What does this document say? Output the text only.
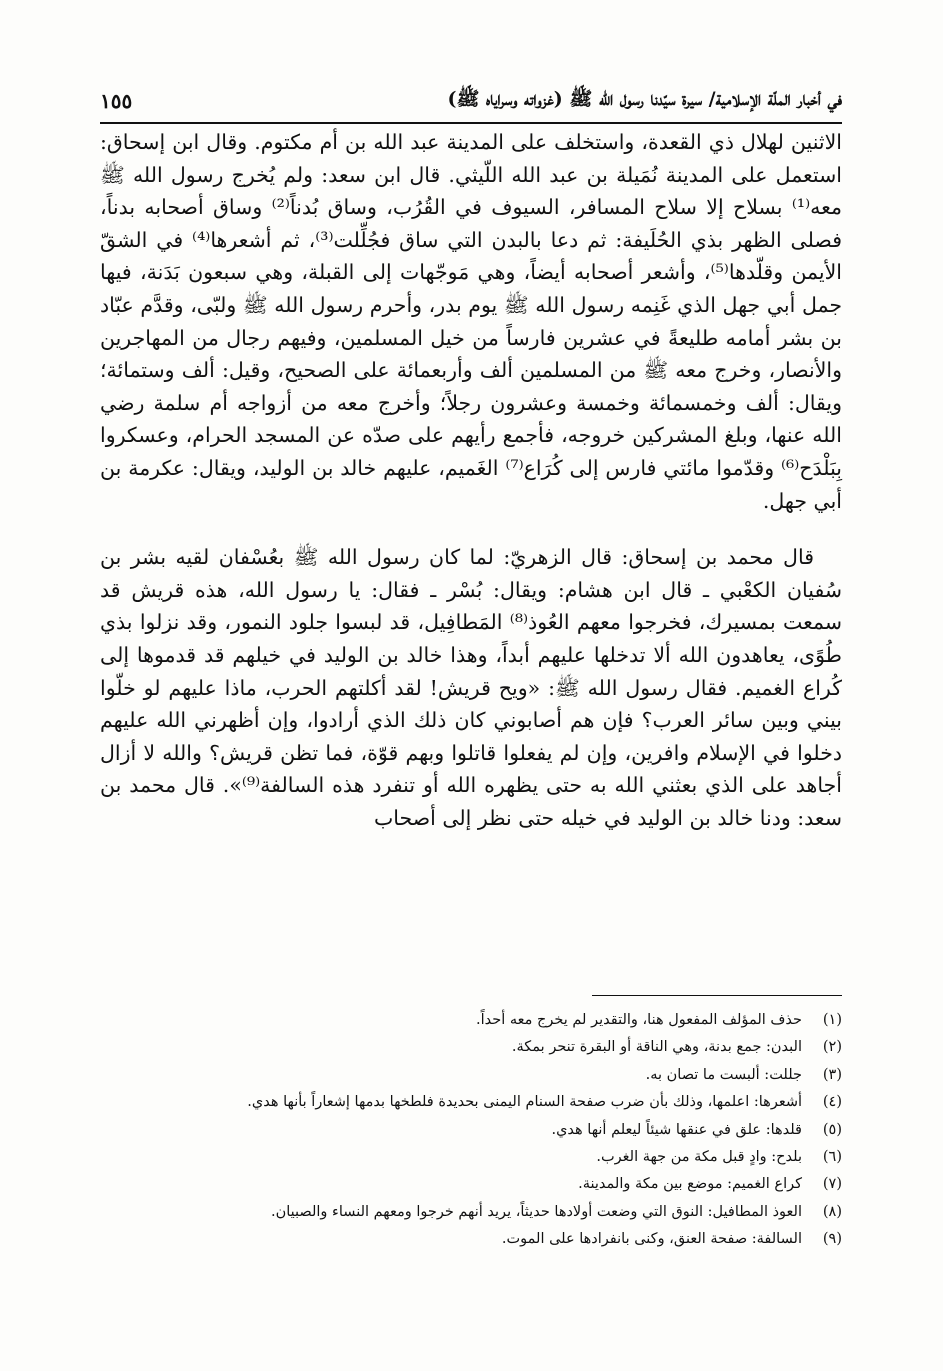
في أخبار الملّة الإسلامية/ سيرة سيّدنا رسول الله ﷺ (غزواته وسراياه ﷺ)
١٥٥

الاثنين لهلال ذي القعدة، واستخلف على المدينة عبد الله بن أم مكتوم. وقال ابن إسحاق: استعمل على المدينة نُمَيلة بن عبد الله اللّيثي. قال ابن سعد: ولم يُخرج رسول الله ﷺ معه⁽¹⁾ بسلاح إلا سلاح المسافر، السيوف في القُرُب، وساق بُدناً⁽²⁾ وساق أصحابه بدناً، فصلى الظهر بذي الحُلَيفة: ثم دعا بالبدن التي ساق فجُلِّلت⁽³⁾، ثم أشعرها⁽⁴⁾ في الشقّ الأيمن وقلّدها⁽⁵⁾، وأشعر أصحابه أيضاً، وهي مَوجّهات إلى القبلة، وهي سبعون بَدَنة، فيها جمل أبي جهل الذي غَنِمه رسول الله ﷺ يوم بدر، وأحرم رسول الله ﷺ ولبّى، وقدَّم عبّاد بن بشر أمامه طليعةً في عشرين فارساً من خيل المسلمين، وفيهم رجال من المهاجرين والأنصار، وخرج معه ﷺ من المسلمين ألف وأربعمائة على الصحيح، وقيل: ألف وستمائة؛ ويقال: ألف وخمسمائة وخمسة وعشرون رجلاً؛ وأخرج معه من أزواجه أم سلمة رضي الله عنها، وبلغ المشركين خروجه، فأجمع رأيهم على صدّه عن المسجد الحرام، وعسكروا بِبَلْدَح⁽⁶⁾ وقدّموا مائتي فارس إلى كُرَاع⁽⁷⁾ الغَميم، عليهم خالد بن الوليد، ويقال: عكرمة بن أبي جهل.

قال محمد بن إسحاق: قال الزهريّ: لما كان رسول الله ﷺ بعُسْفان لقيه بشر بن سُفيان الكعْبي ـ قال ابن هشام: ويقال: بُسْر ـ فقال: يا رسول الله، هذه قريش قد سمعت بمسيرك، فخرجوا معهم العُوذ⁽⁸⁾ المَطافِيل، قد لبسوا جلود النمور، وقد نزلوا بذي طُوًى، يعاهدون الله ألا تدخلها عليهم أبداً، وهذا خالد بن الوليد في خيلهم قد قدموها إلى كُراع الغميم. فقال رسول الله ﷺ: «ويح قريش! لقد أكلتهم الحرب، ماذا عليهم لو خلّوا بيني وبين سائر العرب؟ فإن هم أصابوني كان ذلك الذي أرادوا، وإن أظهرني الله عليهم دخلوا في الإسلام وافرين، وإن لم يفعلوا قاتلوا وبهم قوّة، فما تظن قريش؟ والله لا أزال أجاهد على الذي بعثني الله به حتى يظهره الله أو تنفرد هذه السالفة⁽⁹⁾». قال محمد بن سعد: ودنا خالد بن الوليد في خيله حتى نظر إلى أصحاب

(١)
حذف المؤلف المفعول هنا، والتقدير لم يخرج معه أحداً.
(٢)
البدن: جمع بدنة، وهي الناقة أو البقرة تنحر بمكة.
(٣)
جللت: ألبست ما تصان به.
(٤)
أشعرها: اعلمها، وذلك بأن ضرب صفحة السنام اليمنى بحديدة فلطخها بدمها إشعاراً بأنها هدي.
(٥)
قلدها: علق في عنقها شيئاً ليعلم أنها هدي.
(٦)
بلدح: وادٍ قبل مكة من جهة الغرب.
(٧)
كراع الغميم: موضع بين مكة والمدينة.
(٨)
العوذ المطافيل: النوق التي وضعت أولادها حديثاً، يريد أنهم خرجوا ومعهم النساء والصبيان.
(٩)
السالفة: صفحة العنق، وكنى بانفرادها على الموت.
